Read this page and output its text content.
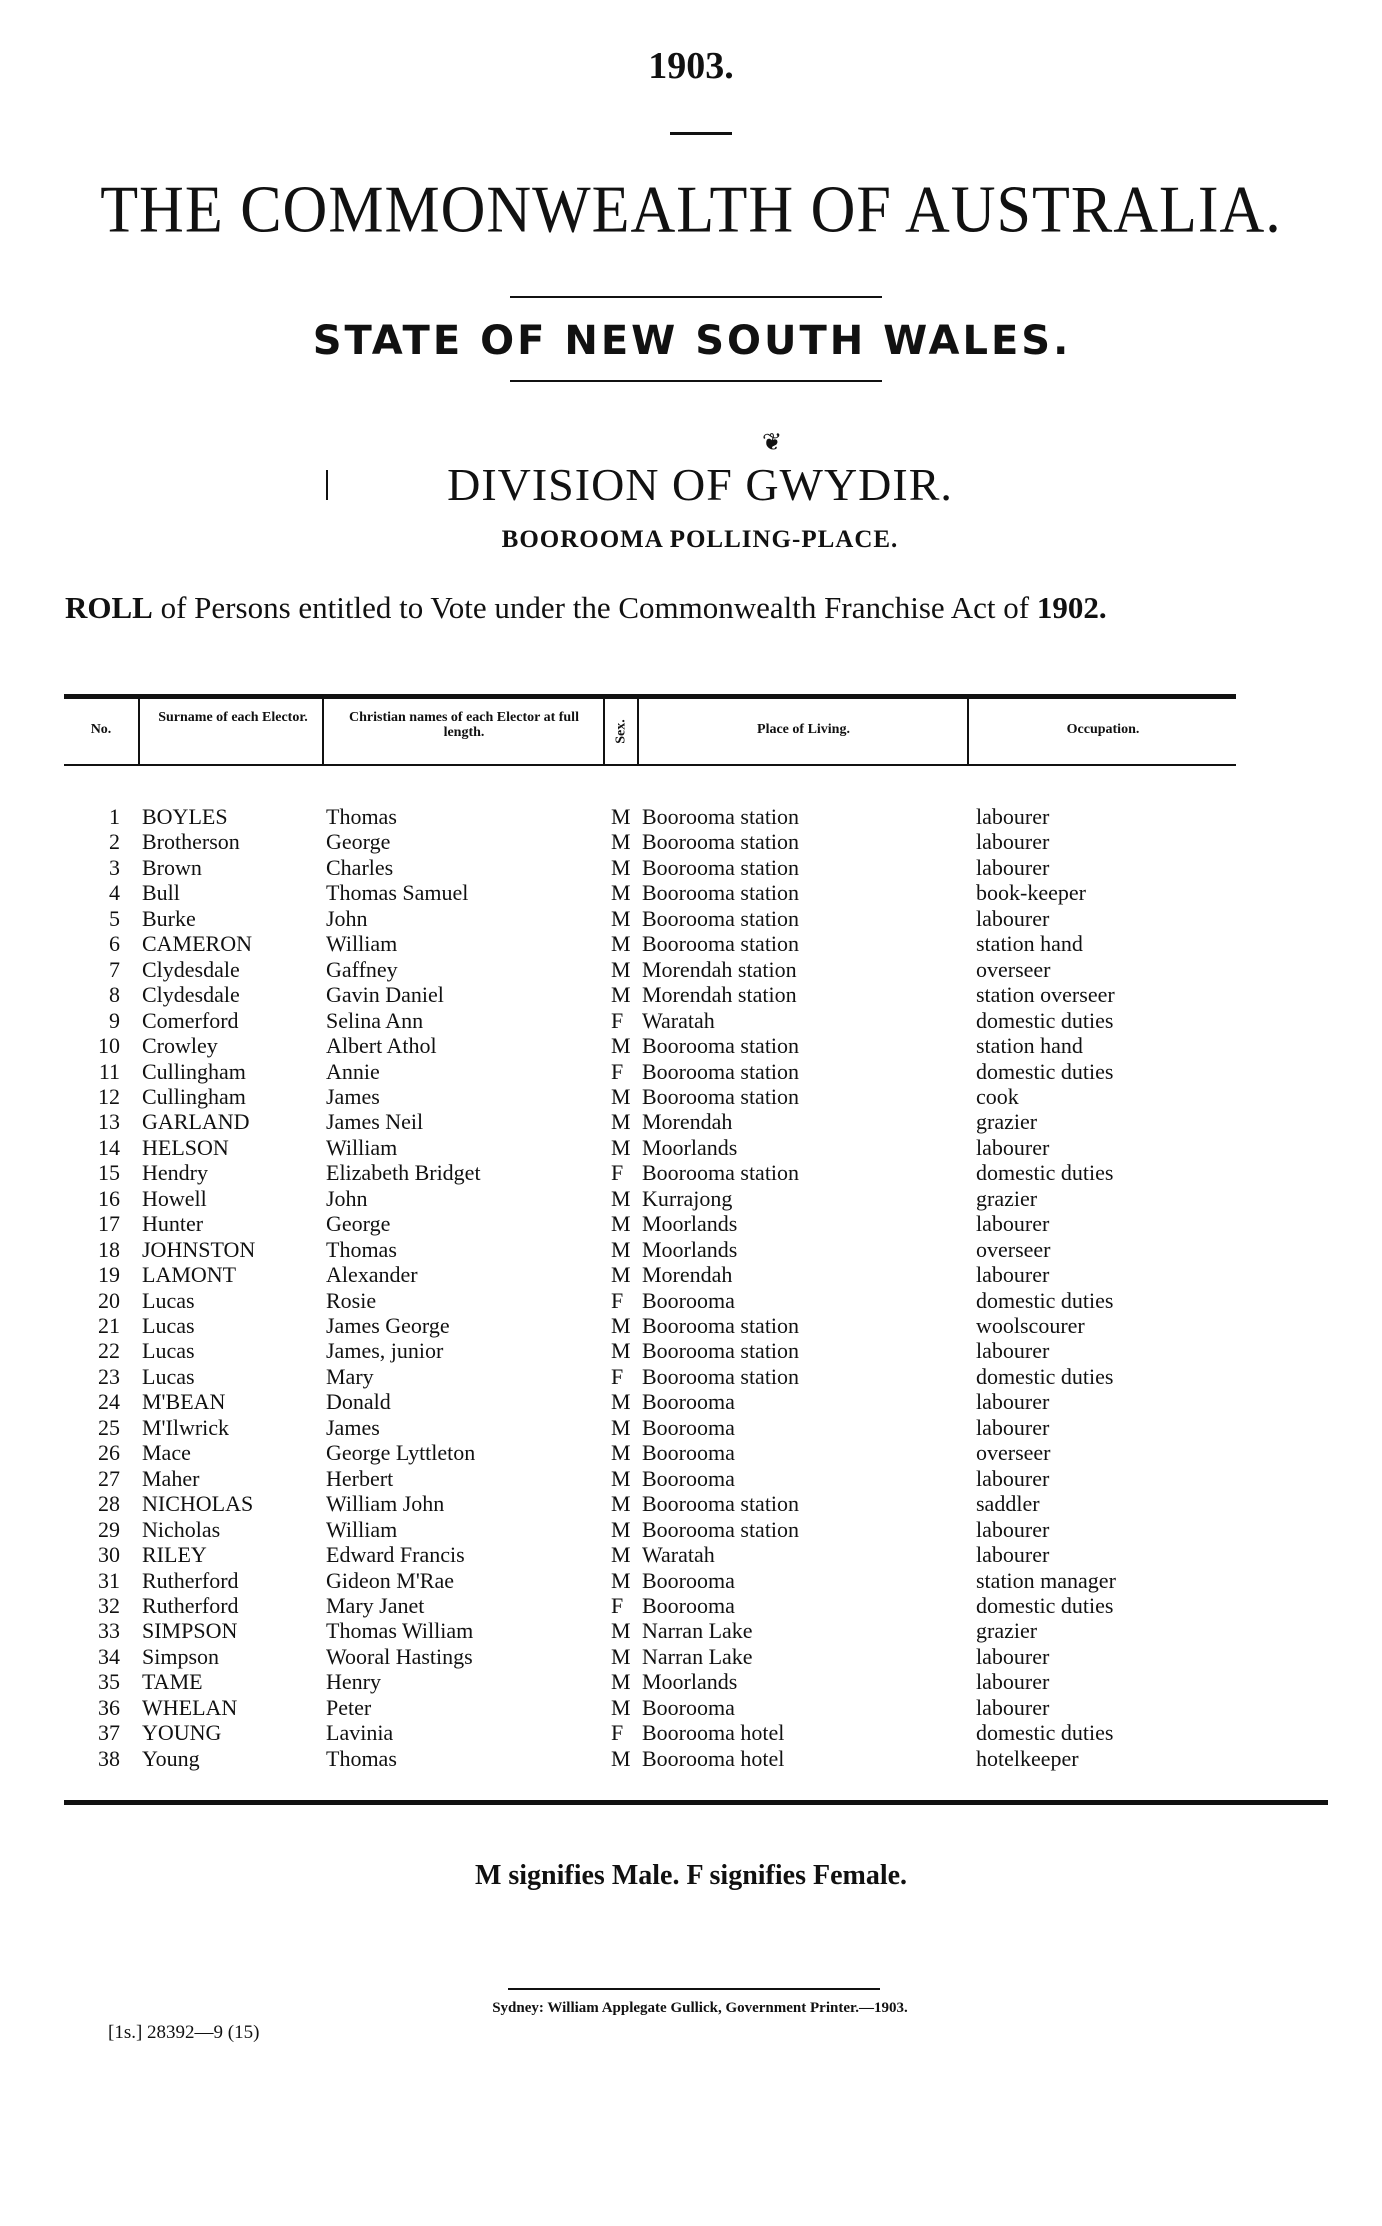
1903.
THE COMMONWEALTH OF AUSTRALIA.
STATE OF NEW SOUTH WALES.
❦
DIVISION OF GWYDIR.
BOOROOMA POLLING-PLACE.
ROLL of Persons entitled to Vote under the Commonwealth Franchise Act of 1902.
No.
Surname of each Elector.	Christian names of each Elector at full length.	Sex.	Place of Living.	Occupation.
1 BOYLES	Thomas	M Boorooma station	labourer
2 Brotherson	George	M Boorooma station	labourer
3 Brown	Charles	M Boorooma station	labourer
4 Bull	Thomas Samuel	M Boorooma station	book-keeper
5 Burke	John	M Boorooma station	labourer
6 CAMERON	William	M Boorooma station	station hand
7 Clydesdale	Gaffney	M Morendah station	overseer
8 Clydesdale	Gavin Daniel	M Morendah station	station overseer
9 Comerford	Selina Ann	F Waratah	domestic duties
10 Crowley	Albert Athol	M Boorooma station	station hand
11 Cullingham	Annie	F Boorooma station	domestic duties
12 Cullingham	James	M Boorooma station	cook
13 GARLAND	James Neil	M Morendah	grazier
14 HELSON	William	M Moorlands	labourer
15 Hendry	Elizabeth Bridget	F Boorooma station	domestic duties
16 Howell	John	M Kurrajong	grazier
17 Hunter	George	M Moorlands	labourer
18 JOHNSTON	Thomas	M Moorlands	overseer
19 LAMONT	Alexander	M Morendah	labourer
20 Lucas	Rosie	F Boorooma	domestic duties
21 Lucas	James George	M Boorooma station	woolscourer
22 Lucas	James, junior	M Boorooma station	labourer
23 Lucas	Mary	F Boorooma station	domestic duties
24 M'BEAN	Donald	M Boorooma	labourer
25 M'Ilwrick	James	M Boorooma	labourer
26 Mace	George Lyttleton	M Boorooma	overseer
27 Maher	Herbert	M Boorooma	labourer
28 NICHOLAS	William John	M Boorooma station	saddler
29 Nicholas	William	M Boorooma station	labourer
30 RILEY	Edward Francis	M Waratah	labourer
31 Rutherford	Gideon M'Rae	M Boorooma	station manager
32 Rutherford	Mary Janet	F Boorooma	domestic duties
33 SIMPSON	Thomas William	M Narran Lake	grazier
34 Simpson	Wooral Hastings	M Narran Lake	labourer
35 TAME	Henry	M Moorlands	labourer
36 WHELAN	Peter	M Boorooma	labourer
37 YOUNG	Lavinia	F Boorooma hotel	domestic duties
38 Young	Thomas	M Boorooma hotel	hotelkeeper
M signifies Male. F signifies Female.
Sydney: William Applegate Gullick, Government Printer.—1903.
[1s.] 28392—9 (15)
